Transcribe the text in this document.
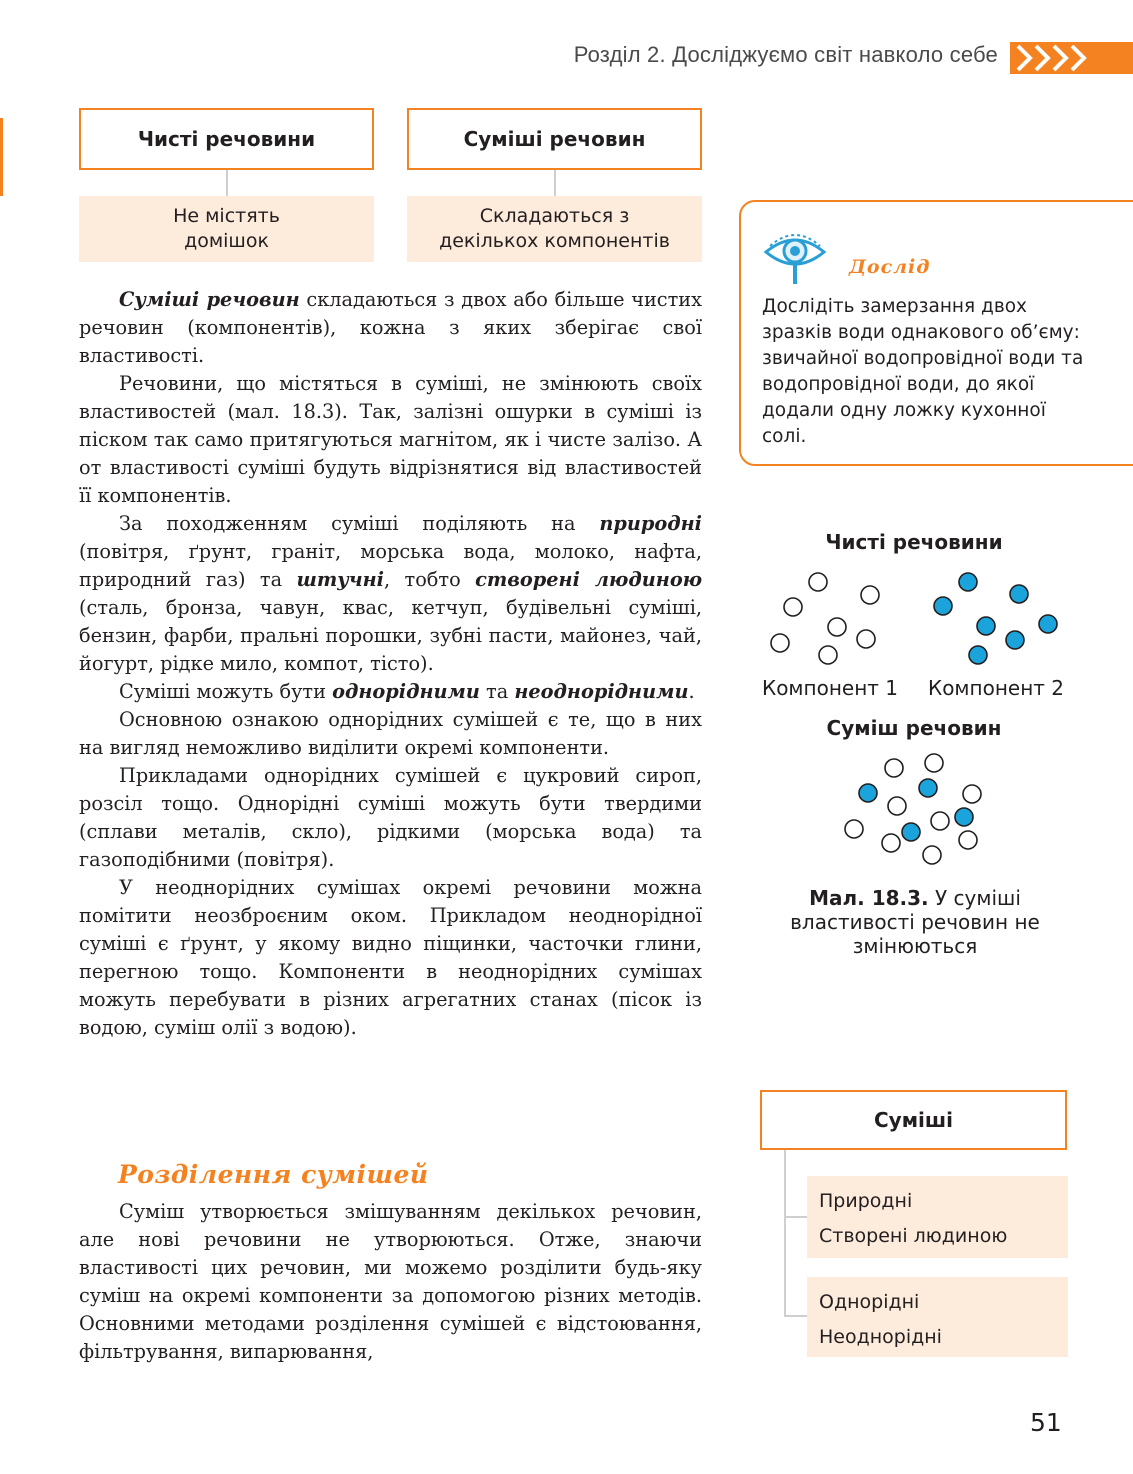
Розділ 2. Досліджуємо світ навколо себе
Чисті речовини	Суміші речовин
Не містять домішок
Складаються з декількох компонентів

Суміші речовин складаються з двох або більше чистих речовин (компонентів), кожна з яких зберігає свої властивості.

Речовини, що містяться в суміші, не змінюють своїх властивостей (мал. 18.3). Так, залізні ошурки в суміші із піском так само притягуються магнітом, як і чисте залізо. А от властивості суміші будуть відрізнятися від властивостей її компонентів.

За походженням суміші поділяють на природні (повітря, ґрунт, граніт, морська вода, молоко, нафта, природний газ) та штучні, тобто створені людиною (сталь, бронза, чавун, квас, кетчуп, будівельні суміші, бензин, фарби, пральні порошки, зубні пасти, майонез, чай, йогурт, рідке мило, компот, тісто).

Суміші можуть бути однорідними та неоднорідними.

Основною ознакою однорідних сумішей є те, що в них на вигляд неможливо виділити окремі компоненти.

Прикладами однорідних сумішей є цукровий сироп, розсіл тощо. Однорідні суміші можуть бути твердими (сплави металів, скло), рідкими (морська вода) та газоподібними (повітря).

У неоднорідних сумішах окремі речовини можна помітити неозброєним оком. Прикладом неоднорідної суміші є ґрунт, у якому видно піщинки, часточки глини, перегною тощо. Компоненти в неоднорідних сумішах можуть перебувати в різних агрегатних станах (пісок із водою, суміш олії з водою).

Розділення сумішей

Суміш утворюється змішуванням декількох речовин, але нові речовини не утворюються. Отже, знаючи властивості цих речовин, ми можемо розділити будь-яку суміш на окремі компоненти за допомогою різних методів. Основними методами розділення сумішей є відстоювання, фільтрування, випарювання,

Дослід
Дослідіть замерзання двох зразків води однакового об’єму: звичайної водопровідної води та водопровідної води, до якої додали одну ложку кухонної солі.
Чисті речовини
Компонент 1 Компонент 2
Суміш речовин
Мал. 18.3. У суміші властивості речовин не змінюються
Суміші
Природні
Створені людиною
Однорідні
Неоднорідні
51
